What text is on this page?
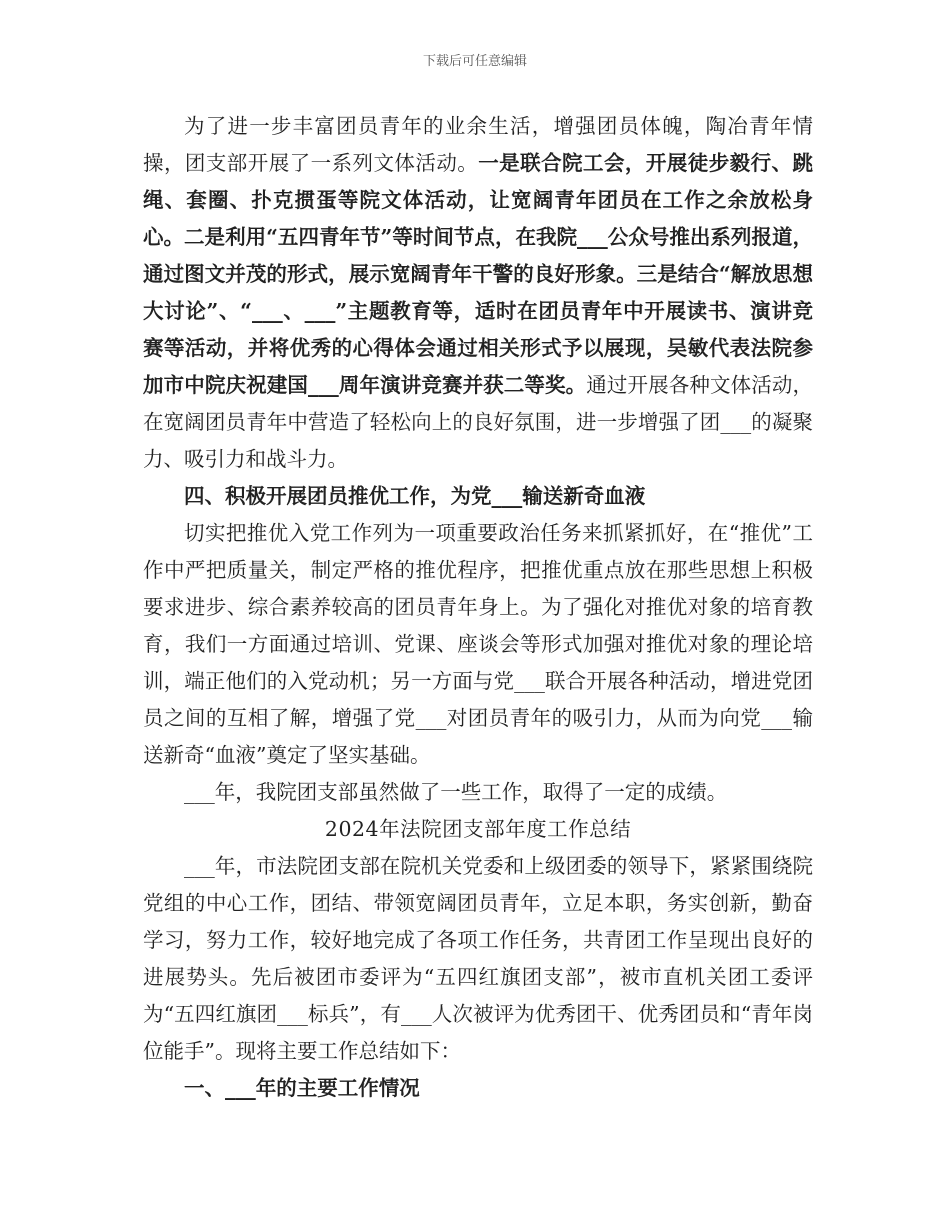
下载后可任意编辑

为了进一步丰富团员青年的业余生活，增强团员体魄，陶冶青年情操，团支部开展了一系列文体活动。一是联合院工会，开展徒步毅行、跳绳、套圈、扑克掼蛋等院文体活动，让宽阔青年团员在工作之余放松身心。二是利用“五四青年节”等时间节点，在我院___公众号推出系列报道，通过图文并茂的形式，展示宽阔青年干警的良好形象。三是结合“解放思想大讨论”、“___、___”主题教育等，适时在团员青年中开展读书、演讲竞赛等活动，并将优秀的心得体会通过相关形式予以展现，吴敏代表法院参加市中院庆祝建国___周年演讲竞赛并获二等奖。通过开展各种文体活动，在宽阔团员青年中营造了轻松向上的良好氛围，进一步增强了团___的凝聚力、吸引力和战斗力。

四、积极开展团员推优工作，为党___输送新奇血液

切实把推优入党工作列为一项重要政治任务来抓紧抓好，在“推优”工作中严把质量关，制定严格的推优程序，把推优重点放在那些思想上积极要求进步、综合素养较高的团员青年身上。为了强化对推优对象的培育教育，我们一方面通过培训、党课、座谈会等形式加强对推优对象的理论培训，端正他们的入党动机；另一方面与党___联合开展各种活动，增进党团员之间的互相了解，增强了党___对团员青年的吸引力，从而为向党___输送新奇“血液”奠定了坚实基础。

___年，我院团支部虽然做了一些工作，取得了一定的成绩。

2024年法院团支部年度工作总结

___年，市法院团支部在院机关党委和上级团委的领导下，紧紧围绕院党组的中心工作，团结、带领宽阔团员青年，立足本职，务实创新，勤奋学习，努力工作，较好地完成了各项工作任务，共青团工作呈现出良好的进展势头。先后被团市委评为“五四红旗团支部”，被市直机关团工委评为“五四红旗团___标兵”，有___人次被评为优秀团干、优秀团员和“青年岗位能手”。现将主要工作总结如下：

一、___年的主要工作情况
